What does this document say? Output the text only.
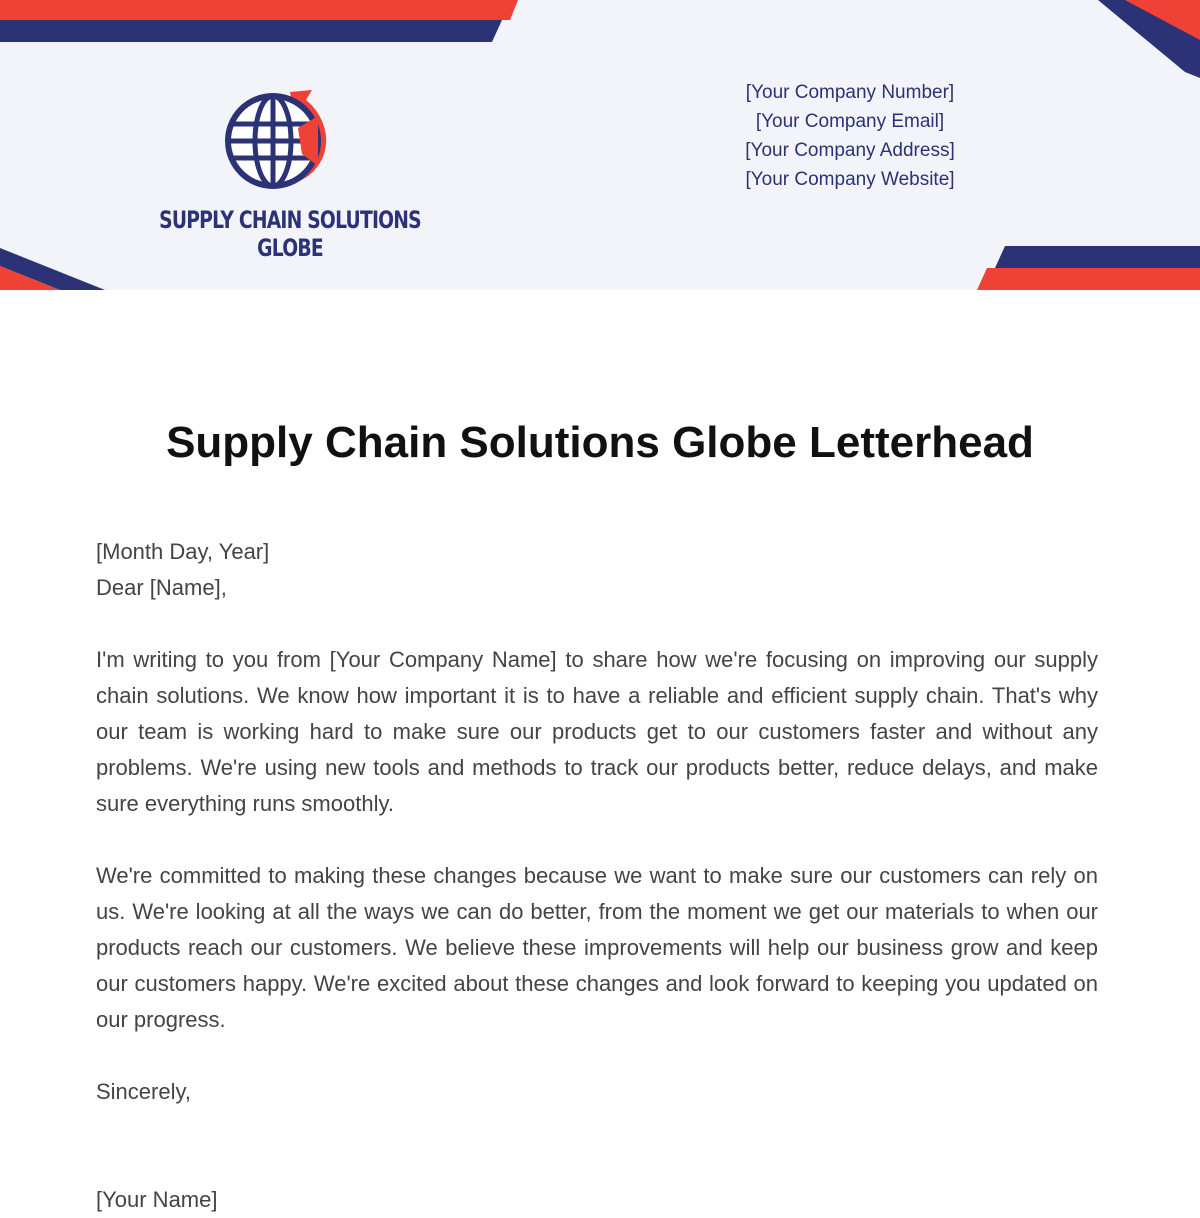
SUPPLY CHAIN SOLUTIONS GLOBE
[Your Company Number]
[Your Company Email]
[Your Company Address]
[Your Company Website]
Supply Chain Solutions Globe Letterhead

[Month Day, Year]

Dear [Name],

I'm writing to you from [Your Company Name] to share how we're focusing on improving our supply chain solutions. We know how important it is to have a reliable and efficient supply chain. That's why our team is working hard to make sure our products get to our customers faster and without any problems. We're using new tools and methods to track our products better, reduce delays, and make sure everything runs smoothly.

We're committed to making these changes because we want to make sure our customers can rely on us. We're looking at all the ways we can do better, from the moment we get our materials to when our products reach our customers. We believe these improvements will help our business grow and keep our customers happy. We're excited about these changes and look forward to keeping you updated on our progress.

Sincerely,

[Your Name]
